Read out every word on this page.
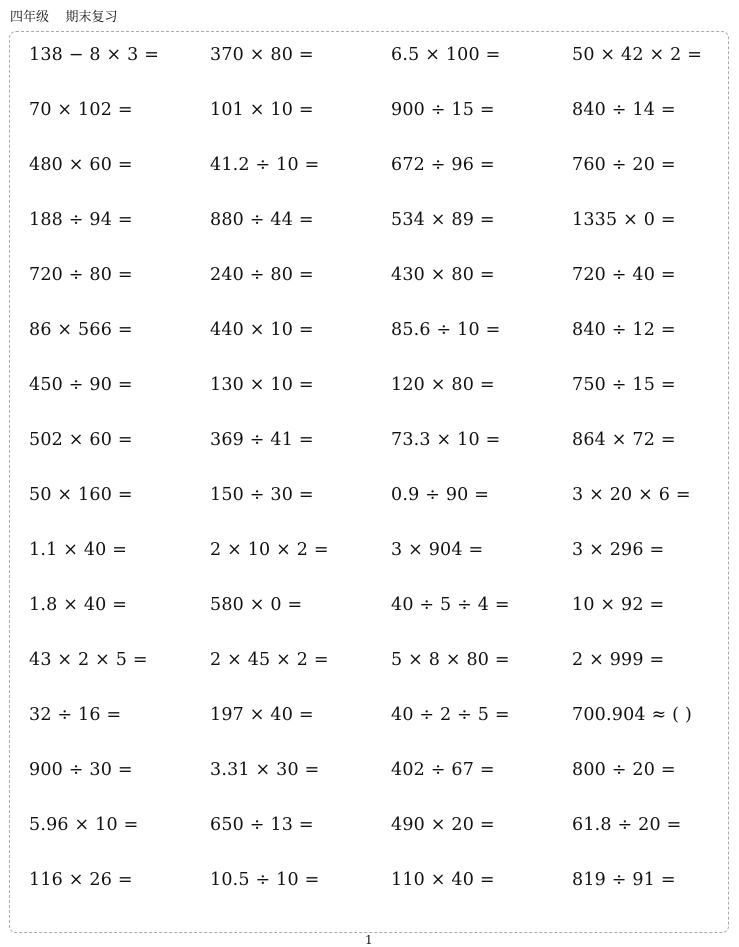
四年级 期末复习
138 − 8 × 3 =	370 × 80 =	6.5 × 100 =	50 × 42 × 2 =
70 × 102 =	101 × 10 =	900 ÷ 15 =	840 ÷ 14 =
480 × 60 =	41.2 ÷ 10 =	672 ÷ 96 =	760 ÷ 20 =
188 ÷ 94 =	880 ÷ 44 =	534 × 89 =	1335 × 0 =
720 ÷ 80 =	240 ÷ 80 =	430 × 80 =	720 ÷ 40 =
86 × 566 =	440 × 10 =	85.6 ÷ 10 =	840 ÷ 12 =
450 ÷ 90 =	130 × 10 =	120 × 80 =	750 ÷ 15 =
502 × 60 =	369 ÷ 41 =	73.3 × 10 =	864 × 72 =
50 × 160 =	150 ÷ 30 =	0.9 ÷ 90 =	3 × 20 × 6 =
1.1 × 40 =	2 × 10 × 2 =	3 × 904 =	3 × 296 =
1.8 × 40 =	580 × 0 =	40 ÷ 5 ÷ 4 =	10 × 92 =
43 × 2 × 5 =	2 × 45 × 2 =	5 × 8 × 80 =	2 × 999 =
32 ÷ 16 =	197 × 40 =	40 ÷ 2 ÷ 5 =	700.904 ≈ ( )
900 ÷ 30 =	3.31 × 30 =	402 ÷ 67 =	800 ÷ 20 =
5.96 × 10 =	650 ÷ 13 =	490 × 20 =	61.8 ÷ 20 =
116 × 26 =	10.5 ÷ 10 =	110 × 40 =	819 ÷ 91 =
1
